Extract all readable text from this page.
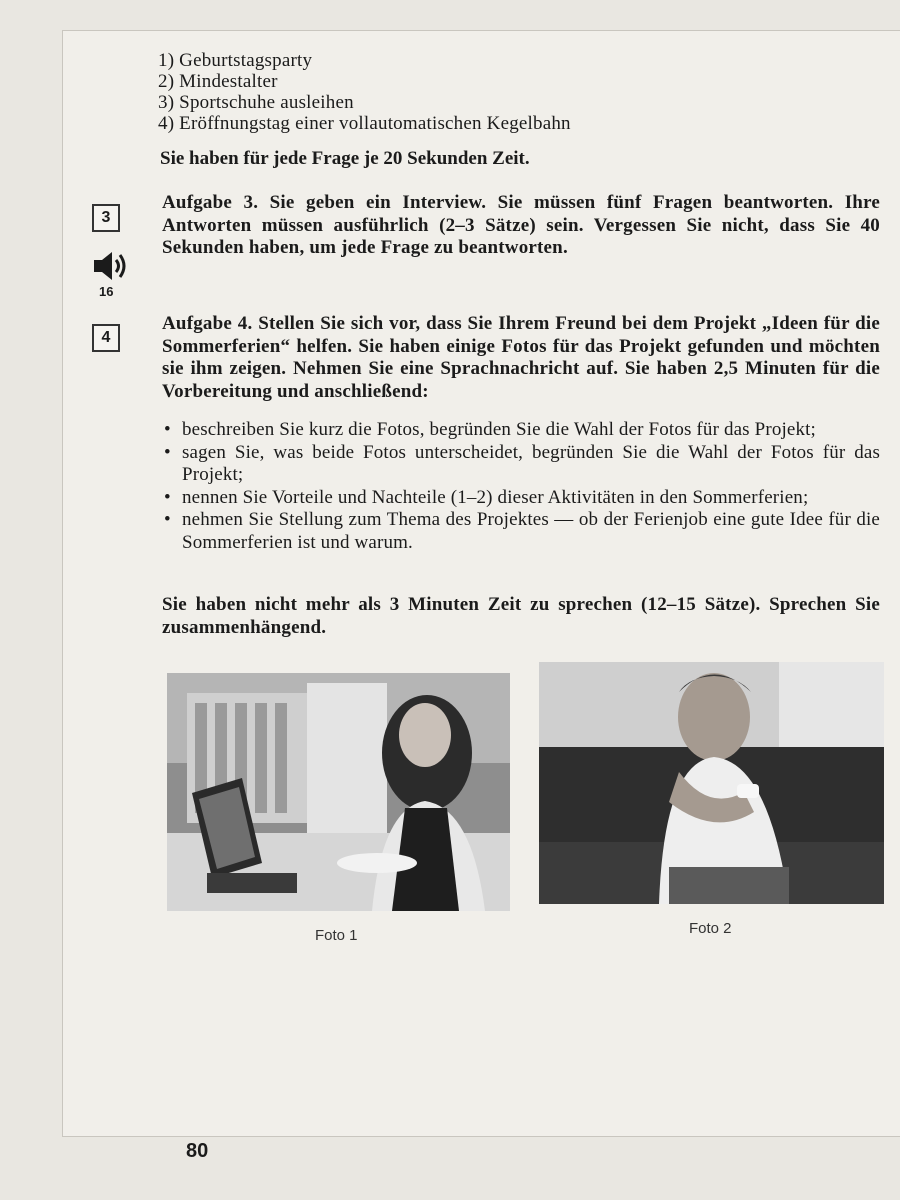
1) Geburtstagsparty
2) Mindestalter
3) Sportschuhe ausleihen
4) Eröffnungstag einer vollautomatischen Kegelbahn
Sie haben für jede Frage je 20 Sekunden Zeit.
3
16
Aufgabe 3. Sie geben ein Interview. Sie müssen fünf Fragen beantworten. Ihre Antworten müssen ausführlich (2–3 Sätze) sein. Vergessen Sie nicht, dass Sie 40 Sekunden haben, um jede Frage zu beantworten.
4
Aufgabe 4. Stellen Sie sich vor, dass Sie Ihrem Freund bei dem Projekt „Ideen für die Sommerferien“ helfen. Sie haben einige Fotos für das Projekt gefunden und möchten sie ihm zeigen. Nehmen Sie eine Sprachnachricht auf. Sie haben 2,5 Minuten für die Vorbereitung und anschließend:
• beschreiben Sie kurz die Fotos, begründen Sie die Wahl der Fotos für das Projekt;
• sagen Sie, was beide Fotos unterscheidet, begründen Sie die Wahl der Fotos für das Projekt;
• nennen Sie Vorteile und Nachteile (1–2) dieser Aktivitäten in den Sommerferien;
• nehmen Sie Stellung zum Thema des Projektes — ob der Ferienjob eine gute Idee für die Sommerferien ist und warum.
Sie haben nicht mehr als 3 Minuten Zeit zu sprechen (12–15 Sätze). Sprechen Sie zusammenhängend.
Foto 1	Foto 2
80
